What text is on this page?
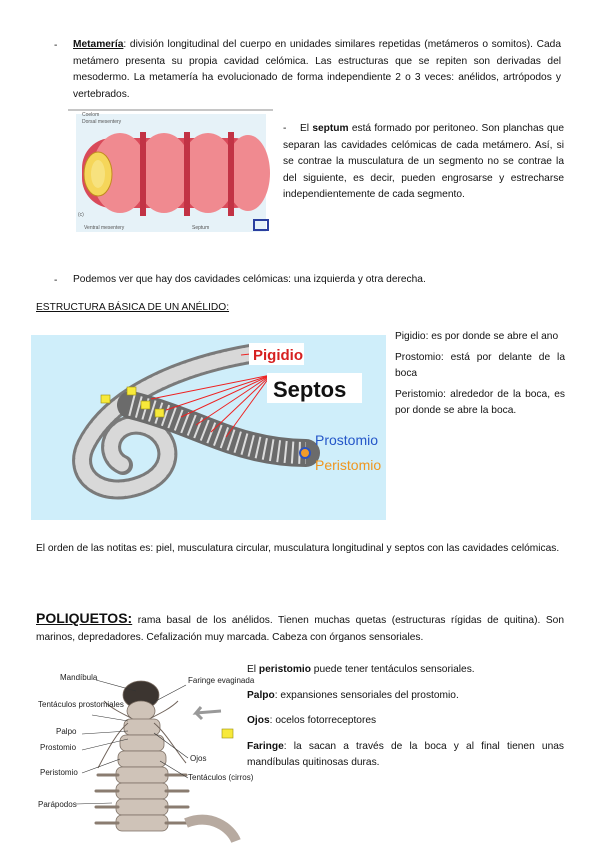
- Metamería: división longitudinal del cuerpo en unidades similares repetidas (metámeros o somitos). Cada metámero presenta su propia cavidad celómica. Las estructuras que se repiten son derivadas del mesodermo. La metamería ha evolucionado de forma independiente 2 o 3 veces: anélidos, artrópodos y vertebrados.
Coelom
Dorsal mesentery
(c)
Ventral mesentery	Septum
- El septum está formado por peritoneo. Son planchas que separan las cavidades celómicas de cada metámero. Así, si se contrae la musculatura de un segmento no se contrae la del siguiente, es decir, pueden engrosarse y estrecharse independientemente de cada segmento.
- Podemos ver que hay dos cavidades celómicas: una izquierda y otra derecha.
ESTRUCTURA BÁSICA DE UN ANÉLIDO:
Pigidio
Septos
Prostomio
Peristomio
Pigidio: es por donde se abre el ano
Prostomio: está por delante de la boca
Peristomio: alrededor de la boca, es por donde se abre la boca.
El orden de las notitas es: piel, musculatura circular, musculatura longitudinal y septos con las cavidades celómicas.
POLIQUETOS: rama basal de los anélidos. Tienen muchas quetas (estructuras rígidas de quitina). Son marinos, depredadores. Cefalización muy marcada. Cabeza con órganos sensoriales.
Mandíbula	Faringe evaginada
Tentáculos prostomiales
Palpo
Prostomio
Ojos
Peristomio
Tentáculos (cirros)
Parápodos
El peristomio puede tener tentáculos sensoriales.
Palpo: expansiones sensoriales del prostomio.
Ojos: ocelos fotorreceptores
Faringe: la sacan a través de la boca y al final tienen unas mandíbulas quitinosas duras.
